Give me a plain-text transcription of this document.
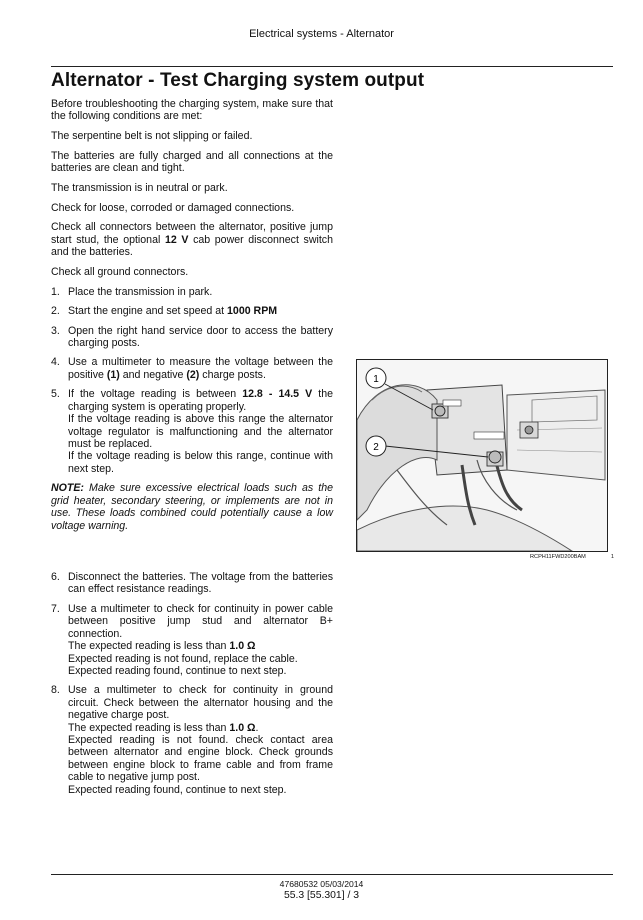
Electrical systems - Alternator
Alternator - Test Charging system output

Before troubleshooting the charging system, make sure that the following conditions are met:

The serpentine belt is not slipping or failed.

The batteries are fully charged and all connections at the batteries are clean and tight.

The transmission is in neutral or park.

Check for loose, corroded or damaged connections.

Check all connectors between the alternator, positive jump start stud, the optional 12 V cab power disconnect switch and the batteries.

Check all ground connectors.

1. Place the transmission in park.
2. Start the engine and set speed at 1000 RPM
3. Open the right hand service door to access the battery charging posts.
4. Use a multimeter to measure the voltage between the positive (1) and negative (2) charge posts.
5. If the voltage reading is between 12.8 - 14.5 V the charging system is operating properly.
If the voltage reading is above this range the alternator voltage regulator is malfunctioning and the alternator must be replaced.
If the voltage reading is below this range, continue with next step.

NOTE: Make sure excessive electrical loads such as the grid heater, secondary steering, or implements are not in use. These loads combined could potentially cause a low voltage warning.

1
2
RCPH11FWD200BAM	1
6. Disconnect the batteries. The voltage from the batteries can effect resistance readings.
7. Use a multimeter to check for continuity in power cable between positive jump stud and alternator B+ connection.
The expected reading is less than 1.0 Ω
Expected reading is not found, replace the cable.
Expected reading found, continue to next step.
8. Use a multimeter to check for continuity in ground circuit. Check between the alternator housing and the negative charge post.
The expected reading is less than 1.0 Ω.
Expected reading is not found. check contact area between alternator and engine block. Check grounds between engine block to frame cable and from frame cable to negative jump post.
Expected reading found, continue to next step.
47680532 05/03/2014
55.3 [55.301] / 3
